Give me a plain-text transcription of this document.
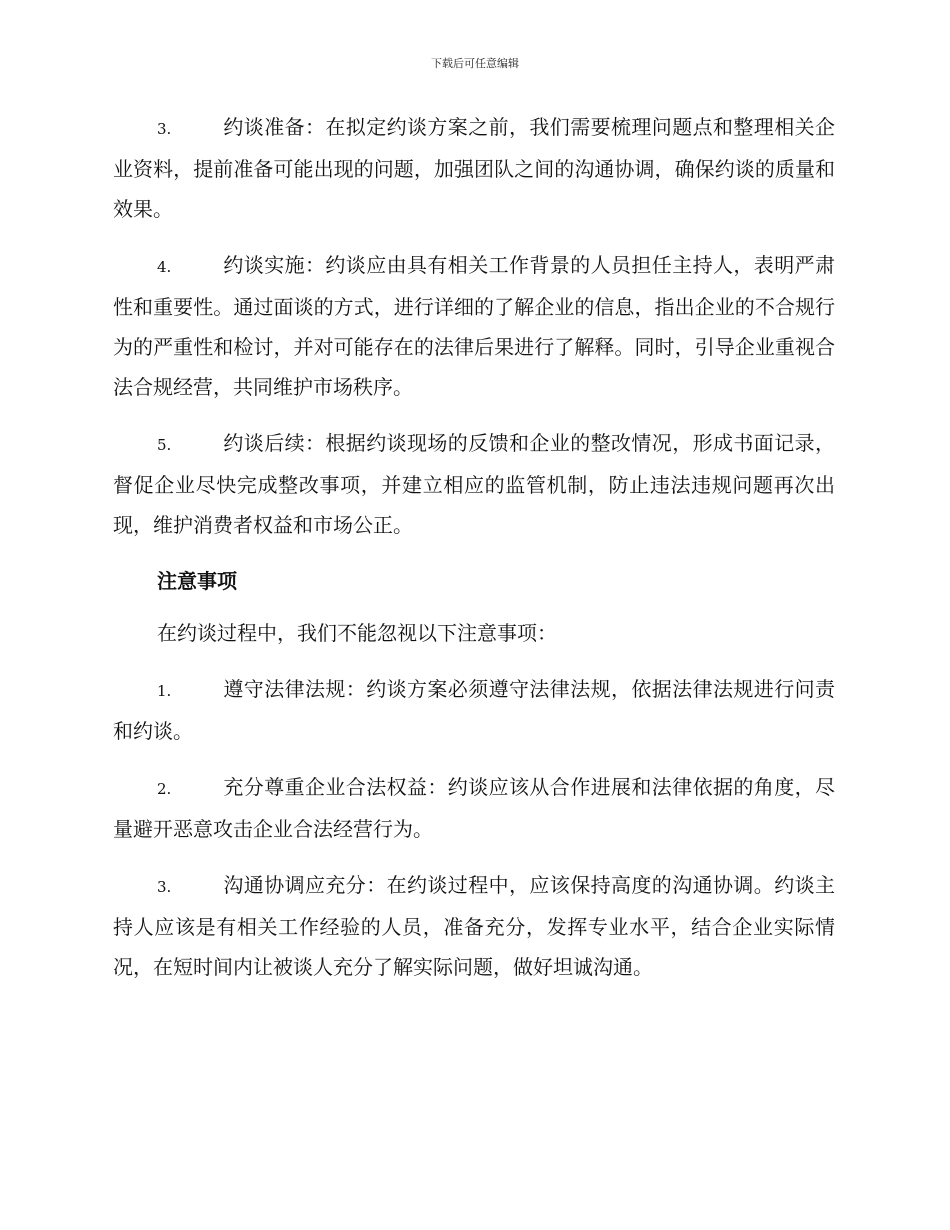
下载后可任意编辑

3.	约谈准备：在拟定约谈方案之前，我们需要梳理问题点和整理相关企业资料，提前准备可能出现的问题，加强团队之间的沟通协调，确保约谈的质量和效果。

4.	约谈实施：约谈应由具有相关工作背景的人员担任主持人，表明严肃性和重要性。通过面谈的方式，进行详细的了解企业的信息，指出企业的不合规行为的严重性和检讨，并对可能存在的法律后果进行了解释。同时，引导企业重视合法合规经营，共同维护市场秩序。

5.	约谈后续：根据约谈现场的反馈和企业的整改情况，形成书面记录，督促企业尽快完成整改事项，并建立相应的监管机制，防止违法违规问题再次出现，维护消费者权益和市场公正。

注意事项

在约谈过程中，我们不能忽视以下注意事项：

1.	遵守法律法规：约谈方案必须遵守法律法规，依据法律法规进行问责和约谈。

2.	充分尊重企业合法权益：约谈应该从合作进展和法律依据的角度，尽量避开恶意攻击企业合法经营行为。

3.	沟通协调应充分：在约谈过程中，应该保持高度的沟通协调。约谈主持人应该是有相关工作经验的人员，准备充分，发挥专业水平，结合企业实际情况，在短时间内让被谈人充分了解实际问题，做好坦诚沟通。
